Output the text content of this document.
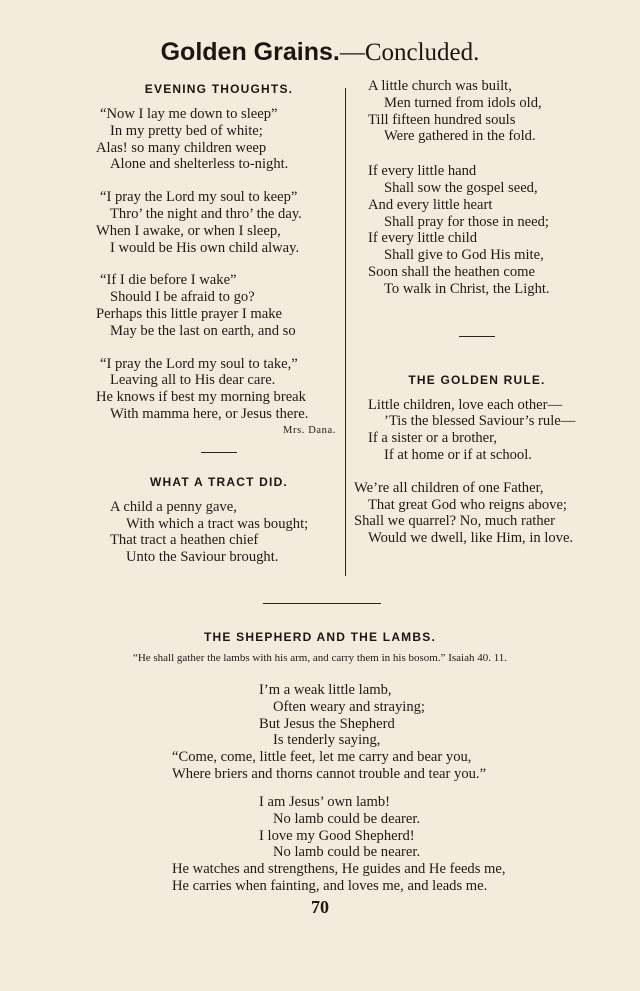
Golden Grains.—Concluded.
EVENING THOUGHTS.
“Now I lay me down to sleep”
In my pretty bed of white;
Alas! so many children weep
Alone and shelterless to-night.
“I pray the Lord my soul to keep”
Thro’ the night and thro’ the day.
When I awake, or when I sleep,
I would be His own child alway.
“If I die before I wake”
Should I be afraid to go?
Perhaps this little prayer I make
May be the last on earth, and so
“I pray the Lord my soul to take,”
Leaving all to His dear care.
He knows if best my morning break
With mamma here, or Jesus there.
Mrs. Dana.
WHAT A TRACT DID.
A child a penny gave,
With which a tract was bought;
That tract a heathen chief
Unto the Saviour brought.
A little church was built,
Men turned from idols old,
Till fifteen hundred souls
Were gathered in the fold.
If every little hand
Shall sow the gospel seed,
And every little heart
Shall pray for those in need;
If every little child
Shall give to God His mite,
Soon shall the heathen come
To walk in Christ, the Light.
THE GOLDEN RULE.
Little children, love each other—
’Tis the blessed Saviour’s rule—
If a sister or a brother,
If at home or if at school.
We’re all children of one Father,
That great God who reigns above;
Shall we quarrel? No, much rather
Would we dwell, like Him, in love.
THE SHEPHERD AND THE LAMBS.
“He shall gather the lambs with his arm, and carry them in his bosom.” Isaiah 40. 11.
I’m a weak little lamb,
Often weary and straying;
But Jesus the Shepherd
Is tenderly saying,
“Come, come, little feet, let me carry and bear you,
Where briers and thorns cannot trouble and tear you.”
I am Jesus’ own lamb!
No lamb could be dearer.
I love my Good Shepherd!
No lamb could be nearer.
He watches and strengthens, He guides and He feeds me,
He carries when fainting, and loves me, and leads me.
70
